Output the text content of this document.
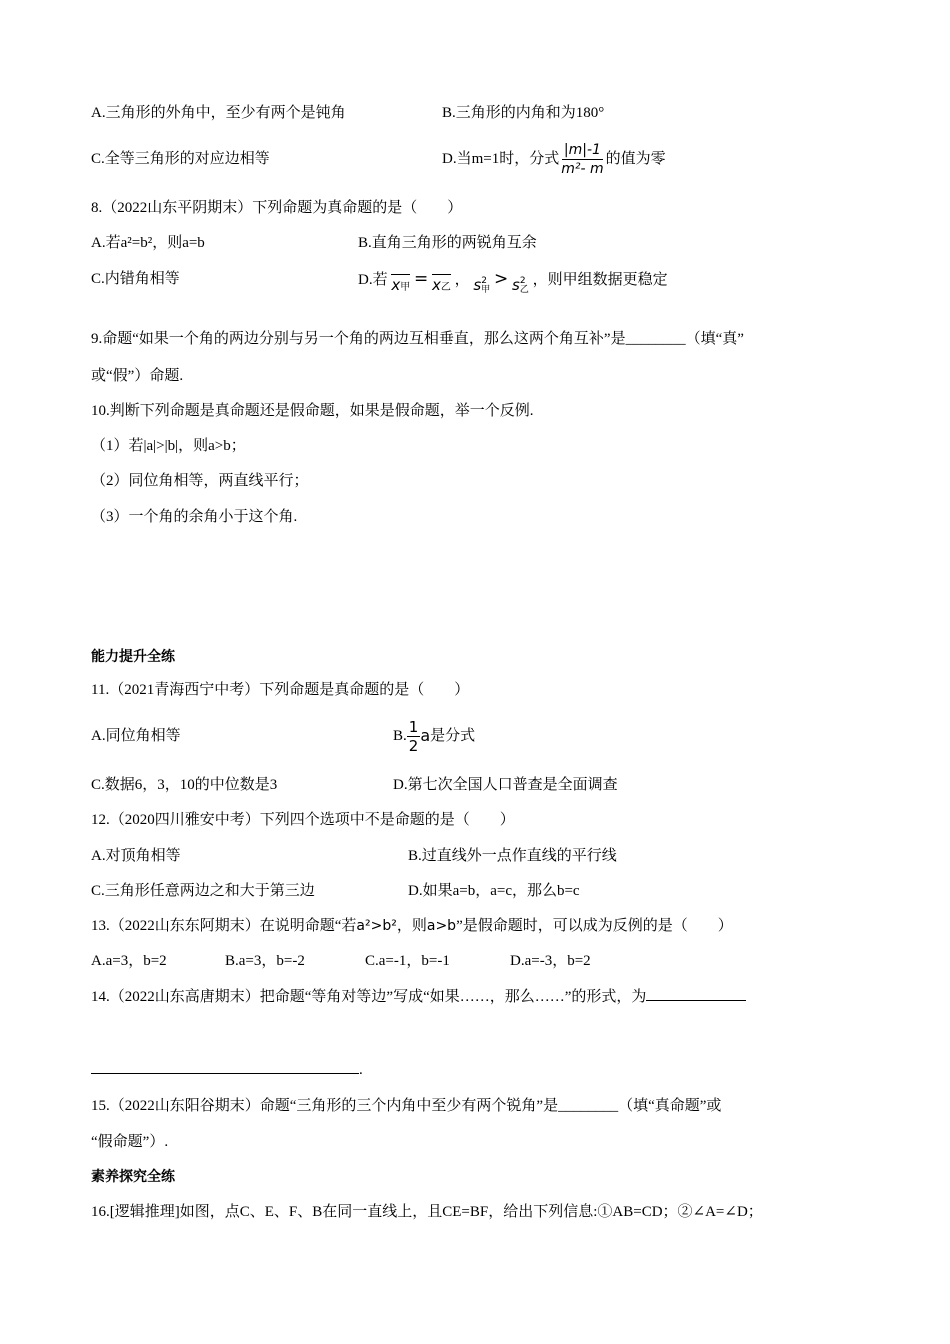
A.三角形的外角中，至少有两个是钝角	B.三角形的内角和为180°
C.全等三角形的对应边相等	D.当m=1时，分式 $\frac{|m|-1}{\text{m²- m}}$ 的值为零
8.（2022山东平阴期末）下列命题为真命题的是（　　）
A.若a²=b²，则a=b	B.直角三角形的两锐角互余
C.内错角相等	D.若 x甲 = x乙 ， s 2
甲
> s 2
乙
，则甲组数据更稳定
9.命题“如果一个角的两边分别与另一个角的两边互相垂直，那么这两个角互补”是________（填“真”
或“假”）命题.
10.判断下列命题是真命题还是假命题，如果是假命题，举一个反例.
（1）若|a|>|b|，则a>b；
（2）同位角相等，两直线平行；
（3）一个角的余角小于这个角.
能力提升全练
11.（2021青海西宁中考）下列命题是真命题的是（　　）
A.同位角相等	B. $\frac{1}{2}$ a 是分式
C.数据6，3，10的中位数是3	D.第七次全国人口普查是全面调查
12.（2020四川雅安中考）下列四个选项中不是命题的是（　　）
A.对顶角相等	B.过直线外一点作直线的平行线
C.三角形任意两边之和大于第三边	D.如果a=b，a=c，那么b=c
13.（2022山东东阿期末）在说明命题“若a²>b²，则a>b”是假命题时，可以成为反例的是（　　）
A.a=3，b=2	B.a=3，b=-2	C.a=-1，b=-1	D.a=-3，b=2
14.（2022山东高唐期末）把命题“等角对等边”写成“如果……，那么……”的形式，为
.
15.（2022山东阳谷期末）命题“三角形的三个内角中至少有两个锐角”是________（填“真命题”或
“假命题”）.
素养探究全练
16.[逻辑推理]如图，点C、E、F、B在同一直线上，且CE=BF，给出下列信息:①AB=CD；②∠A=∠D；
